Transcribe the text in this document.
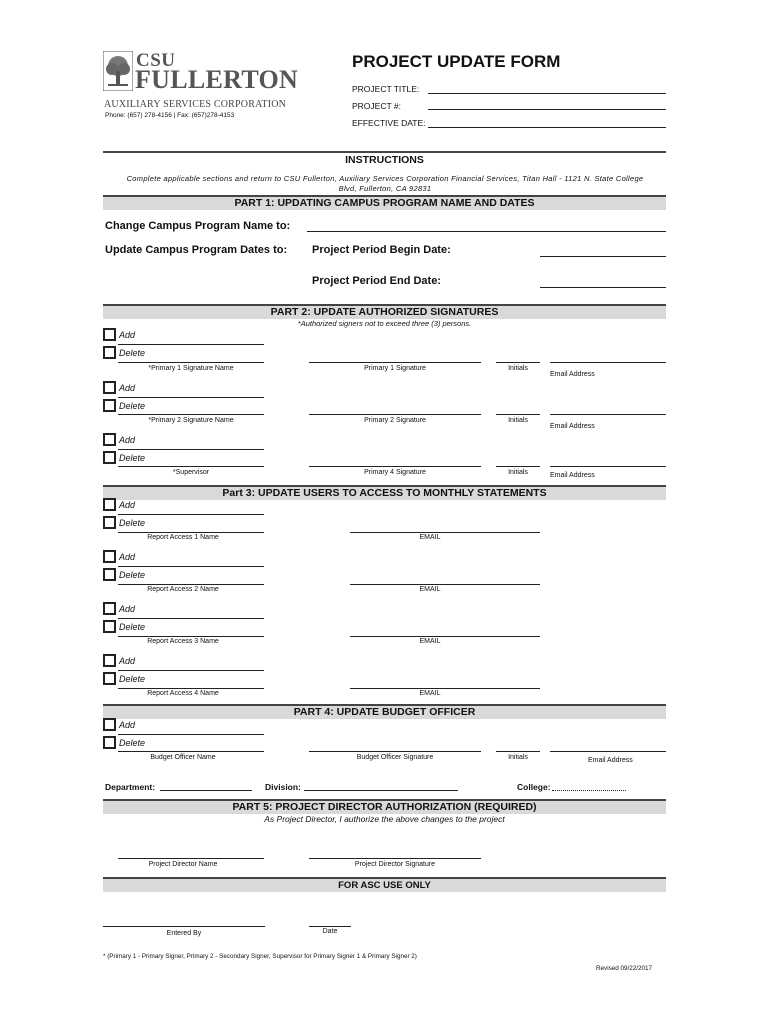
CSU
FULLERTON
AUXILIARY SERVICES CORPORATION
Phone: (657) 278-4156 | Fax: (657)278-4153
PROJECT UPDATE FORM
PROJECT TITLE:
PROJECT #:
EFFECTIVE DATE:
INSTRUCTIONS
Complete applicable sections and return to CSU Fullerton, Auxiliary Services Corporation Financial Services, Titan Hall - 1121 N. State College Blvd, Fullerton, CA 92831
PART 1: UPDATING CAMPUS PROGRAM NAME AND DATES
Change Campus Program Name to:
Update Campus Program Dates to: Project Period Begin Date:
Project Period End Date:
PART 2: UPDATE AUTHORIZED SIGNATURES
*Authorized signers not to exceed three (3) persons.
Add
Delete
*Primary 1 Signature Name	Primary 1 Signature	Initials
Email Address
Add
Delete
*Primary 2 Signature Name	Primary 2 Signature	Initials
Email Address
Add
Delete
*Supervisor	Primary 4 Signature	Initials	Email Address
Part 3: UPDATE USERS TO ACCESS TO MONTHLY STATEMENTS
Add
Delete
Report Access 1 Name	EMAIL
Add
Delete
Report Access 2 Name	EMAIL
Add
Delete
Report Access 3 Name	EMAIL
Add
Delete
Report Access 4 Name	EMAIL
PART 4: UPDATE BUDGET OFFICER
Add
Delete
Budget Officer Name	Budget Officer Signature	Initials	Email Address
Department:	Division:	College:
PART 5: PROJECT DIRECTOR AUTHORIZATION (REQUIRED)
As Project Director, I authorize the above changes to the project
Project Director Name	Project Director Signature
FOR ASC USE ONLY
Entered By	Date
* (Primary 1 - Primary Signer, Primary 2 - Secondary Signer, Supervisor for Primary Signer 1 & Primary Signer 2)
Revised 09/22/2017
